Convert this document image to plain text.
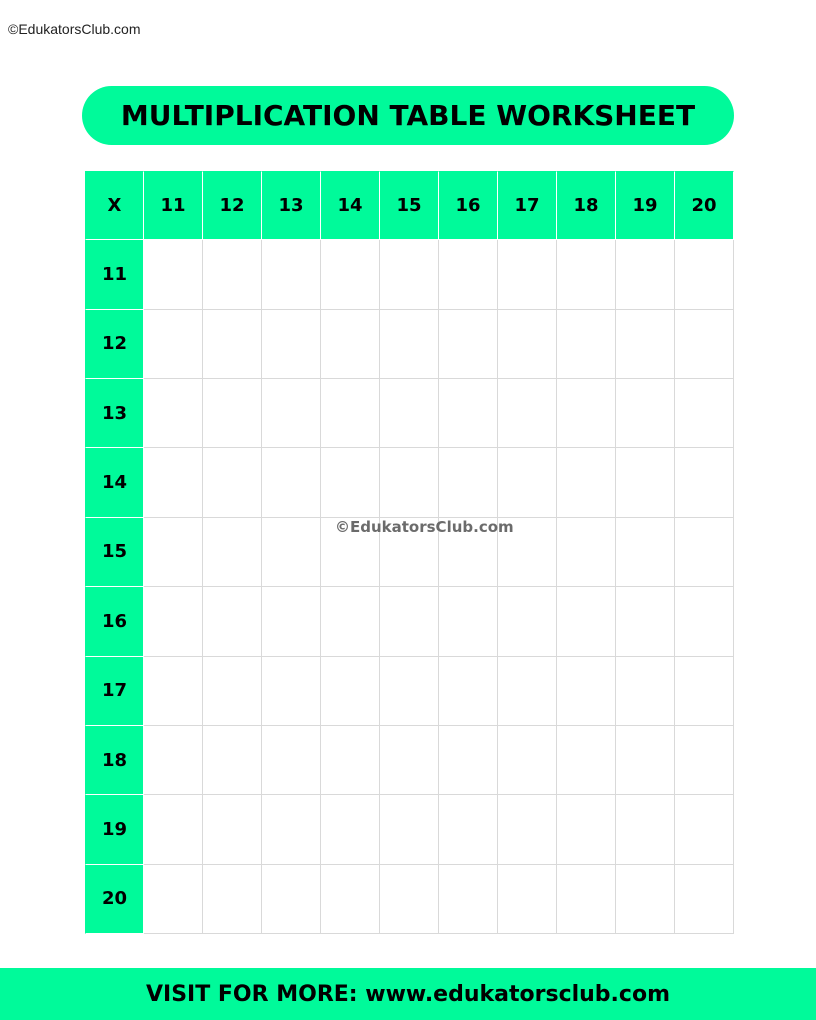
©EdukatorsClub.com
MULTIPLICATION TABLE WORKSHEET
X	11	12	13	14	15	16	17	18	19	20
11
12
13
14
15
16
17
18
19
20
©EdukatorsClub.com
VISIT FOR MORE: www.edukatorsclub.com
